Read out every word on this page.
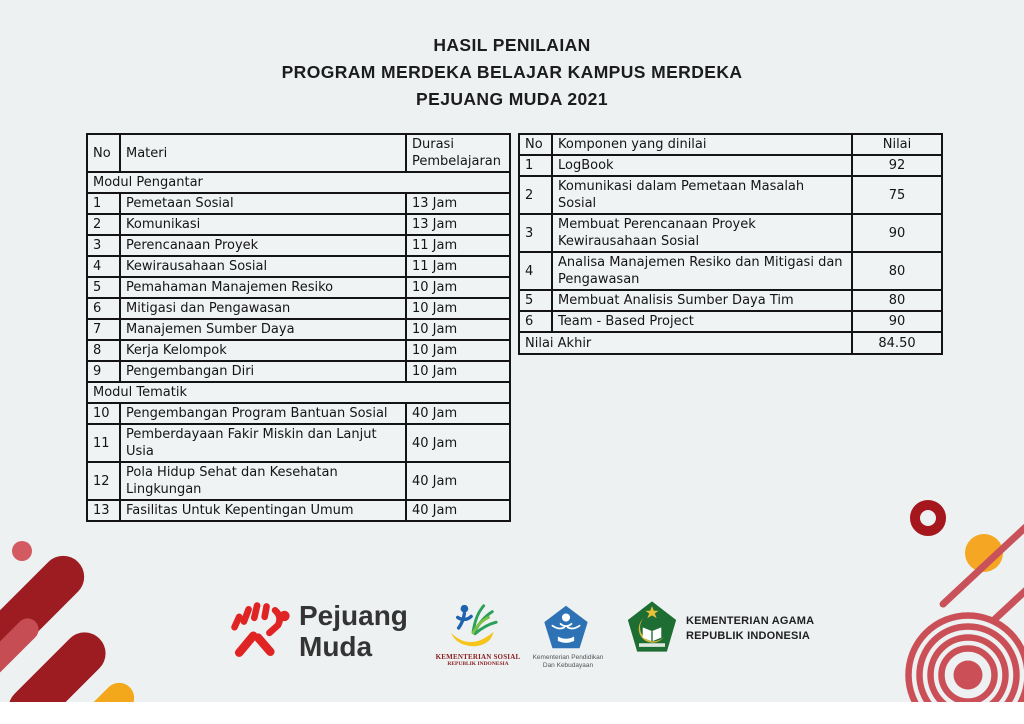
HASIL PENILAIAN
PROGRAM MERDEKA BELAJAR KAMPUS MERDEKA
PEJUANG MUDA 2021
No	Materi	Durasi Pembelajaran
Modul Pengantar		
1	Pemetaan Sosial	13 Jam
2	Komunikasi	13 Jam
3	Perencanaan Proyek	11 Jam
4	Kewirausahaan Sosial	11 Jam
5	Pemahaman Manajemen Resiko	10 Jam
6	Mitigasi dan Pengawasan	10 Jam
7	Manajemen Sumber Daya	10 Jam
8	Kerja Kelompok	10 Jam
9	Pengembangan Diri	10 Jam
Modul Tematik		
10	Pengembangan Program Bantuan Sosial	40 Jam
11	Pemberdayaan Fakir Miskin dan Lanjut Usia	40 Jam
12	Pola Hidup Sehat dan Kesehatan Lingkungan	40 Jam
13	Fasilitas Untuk Kepentingan Umum	40 Jam
No	Komponen yang dinilai	Nilai
1	LogBook	92
2	Komunikasi dalam Pemetaan Masalah Sosial	75
3	Membuat Perencanaan Proyek Kewirausahaan Sosial	90
4	Analisa Manajemen Resiko dan Mitigasi dan Pengawasan	80
5	Membuat Analisis Sumber Daya Tim	80
6	Team - Based Project	90
Nilai Akhir		84.50
Pejuang
Muda	KEMENTERIAN SOSIAL
REPUBLIK INDONESIA
Kementerian Pendidikan
Dan Kebudayaan
KEMENTERIAN AGAMA
REPUBLIK INDONESIA
